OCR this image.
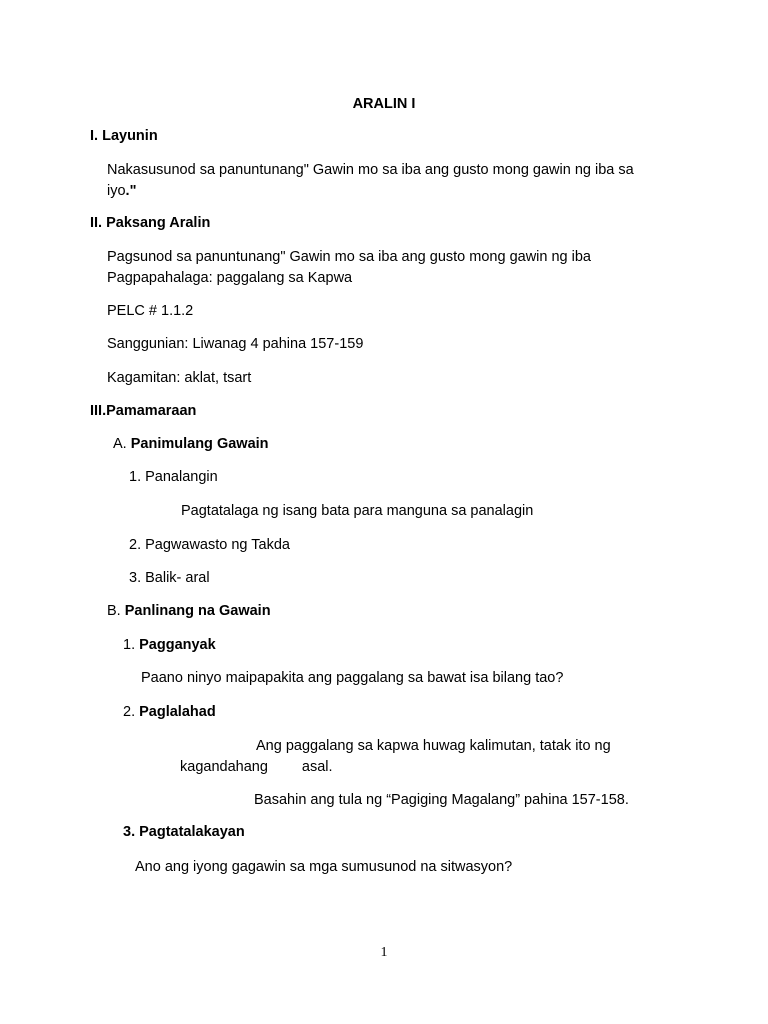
ARALIN I
I. Layunin
Nakasusunod sa panuntunang" Gawin mo sa iba ang gusto mong gawin ng iba sa
iyo."
II. Paksang Aralin
Pagsunod sa panuntunang" Gawin mo sa iba ang gusto mong gawin ng iba
Pagpapahalaga: paggalang sa Kapwa
PELC # 1.1.2
Sanggunian: Liwanag 4 pahina 157-159
Kagamitan: aklat, tsart
III.Pamamaraan
A. Panimulang Gawain
1. Panalangin
Pagtatalaga ng isang bata para manguna sa panalagin
2. Pagwawasto ng Takda
3. Balik- aral
B. Panlinang na Gawain
1. Pagganyak
Paano ninyo maipapakita ang paggalang sa bawat isa bilang tao?
2. Paglalahad
Ang paggalang sa kapwa huwag kalimutan, tatak ito ng
kagandahang asal.
Basahin ang tula ng “Pagiging Magalang” pahina 157-158.
3. Pagtatalakayan
Ano ang iyong gagawin sa mga sumusunod na sitwasyon?
1
